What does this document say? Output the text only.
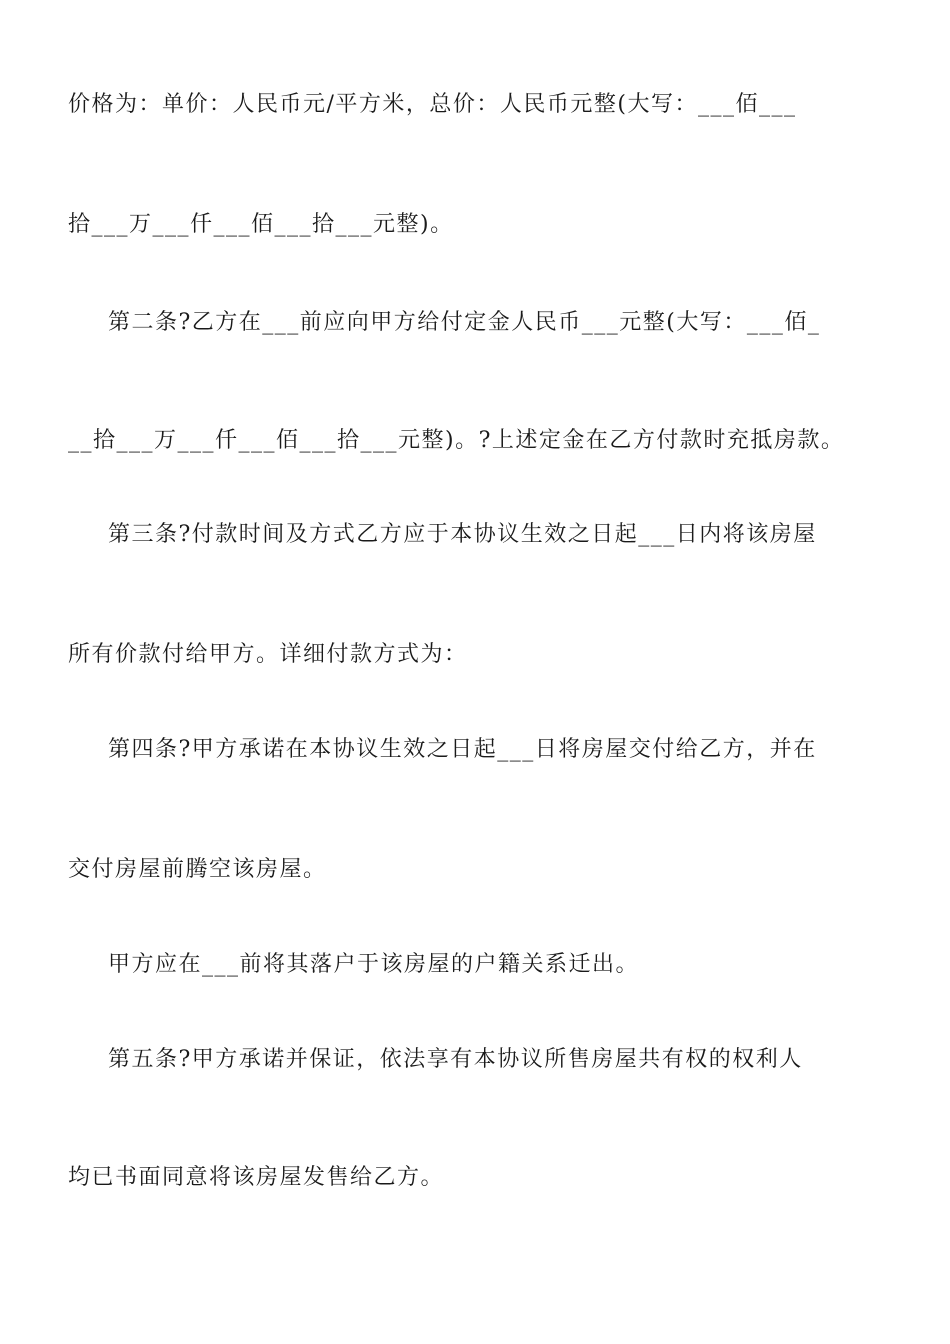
价格为：单价：人民币元/平方米，总价：人民币元整(大写：___佰___
拾___万___仟___佰___拾___元整)。
第二条?乙方在___前应向甲方给付定金人民币___元整(大写：___佰_
__拾___万___仟___佰___拾___元整)。?上述定金在乙方付款时充抵房款。
第三条?付款时间及方式乙方应于本协议生效之日起___日内将该房屋
所有价款付给甲方。详细付款方式为：
第四条?甲方承诺在本协议生效之日起___日将房屋交付给乙方，并在
交付房屋前腾空该房屋。
甲方应在___前将其落户于该房屋的户籍关系迁出。
第五条?甲方承诺并保证，依法享有本协议所售房屋共有权的权利人
均已书面同意将该房屋发售给乙方。
